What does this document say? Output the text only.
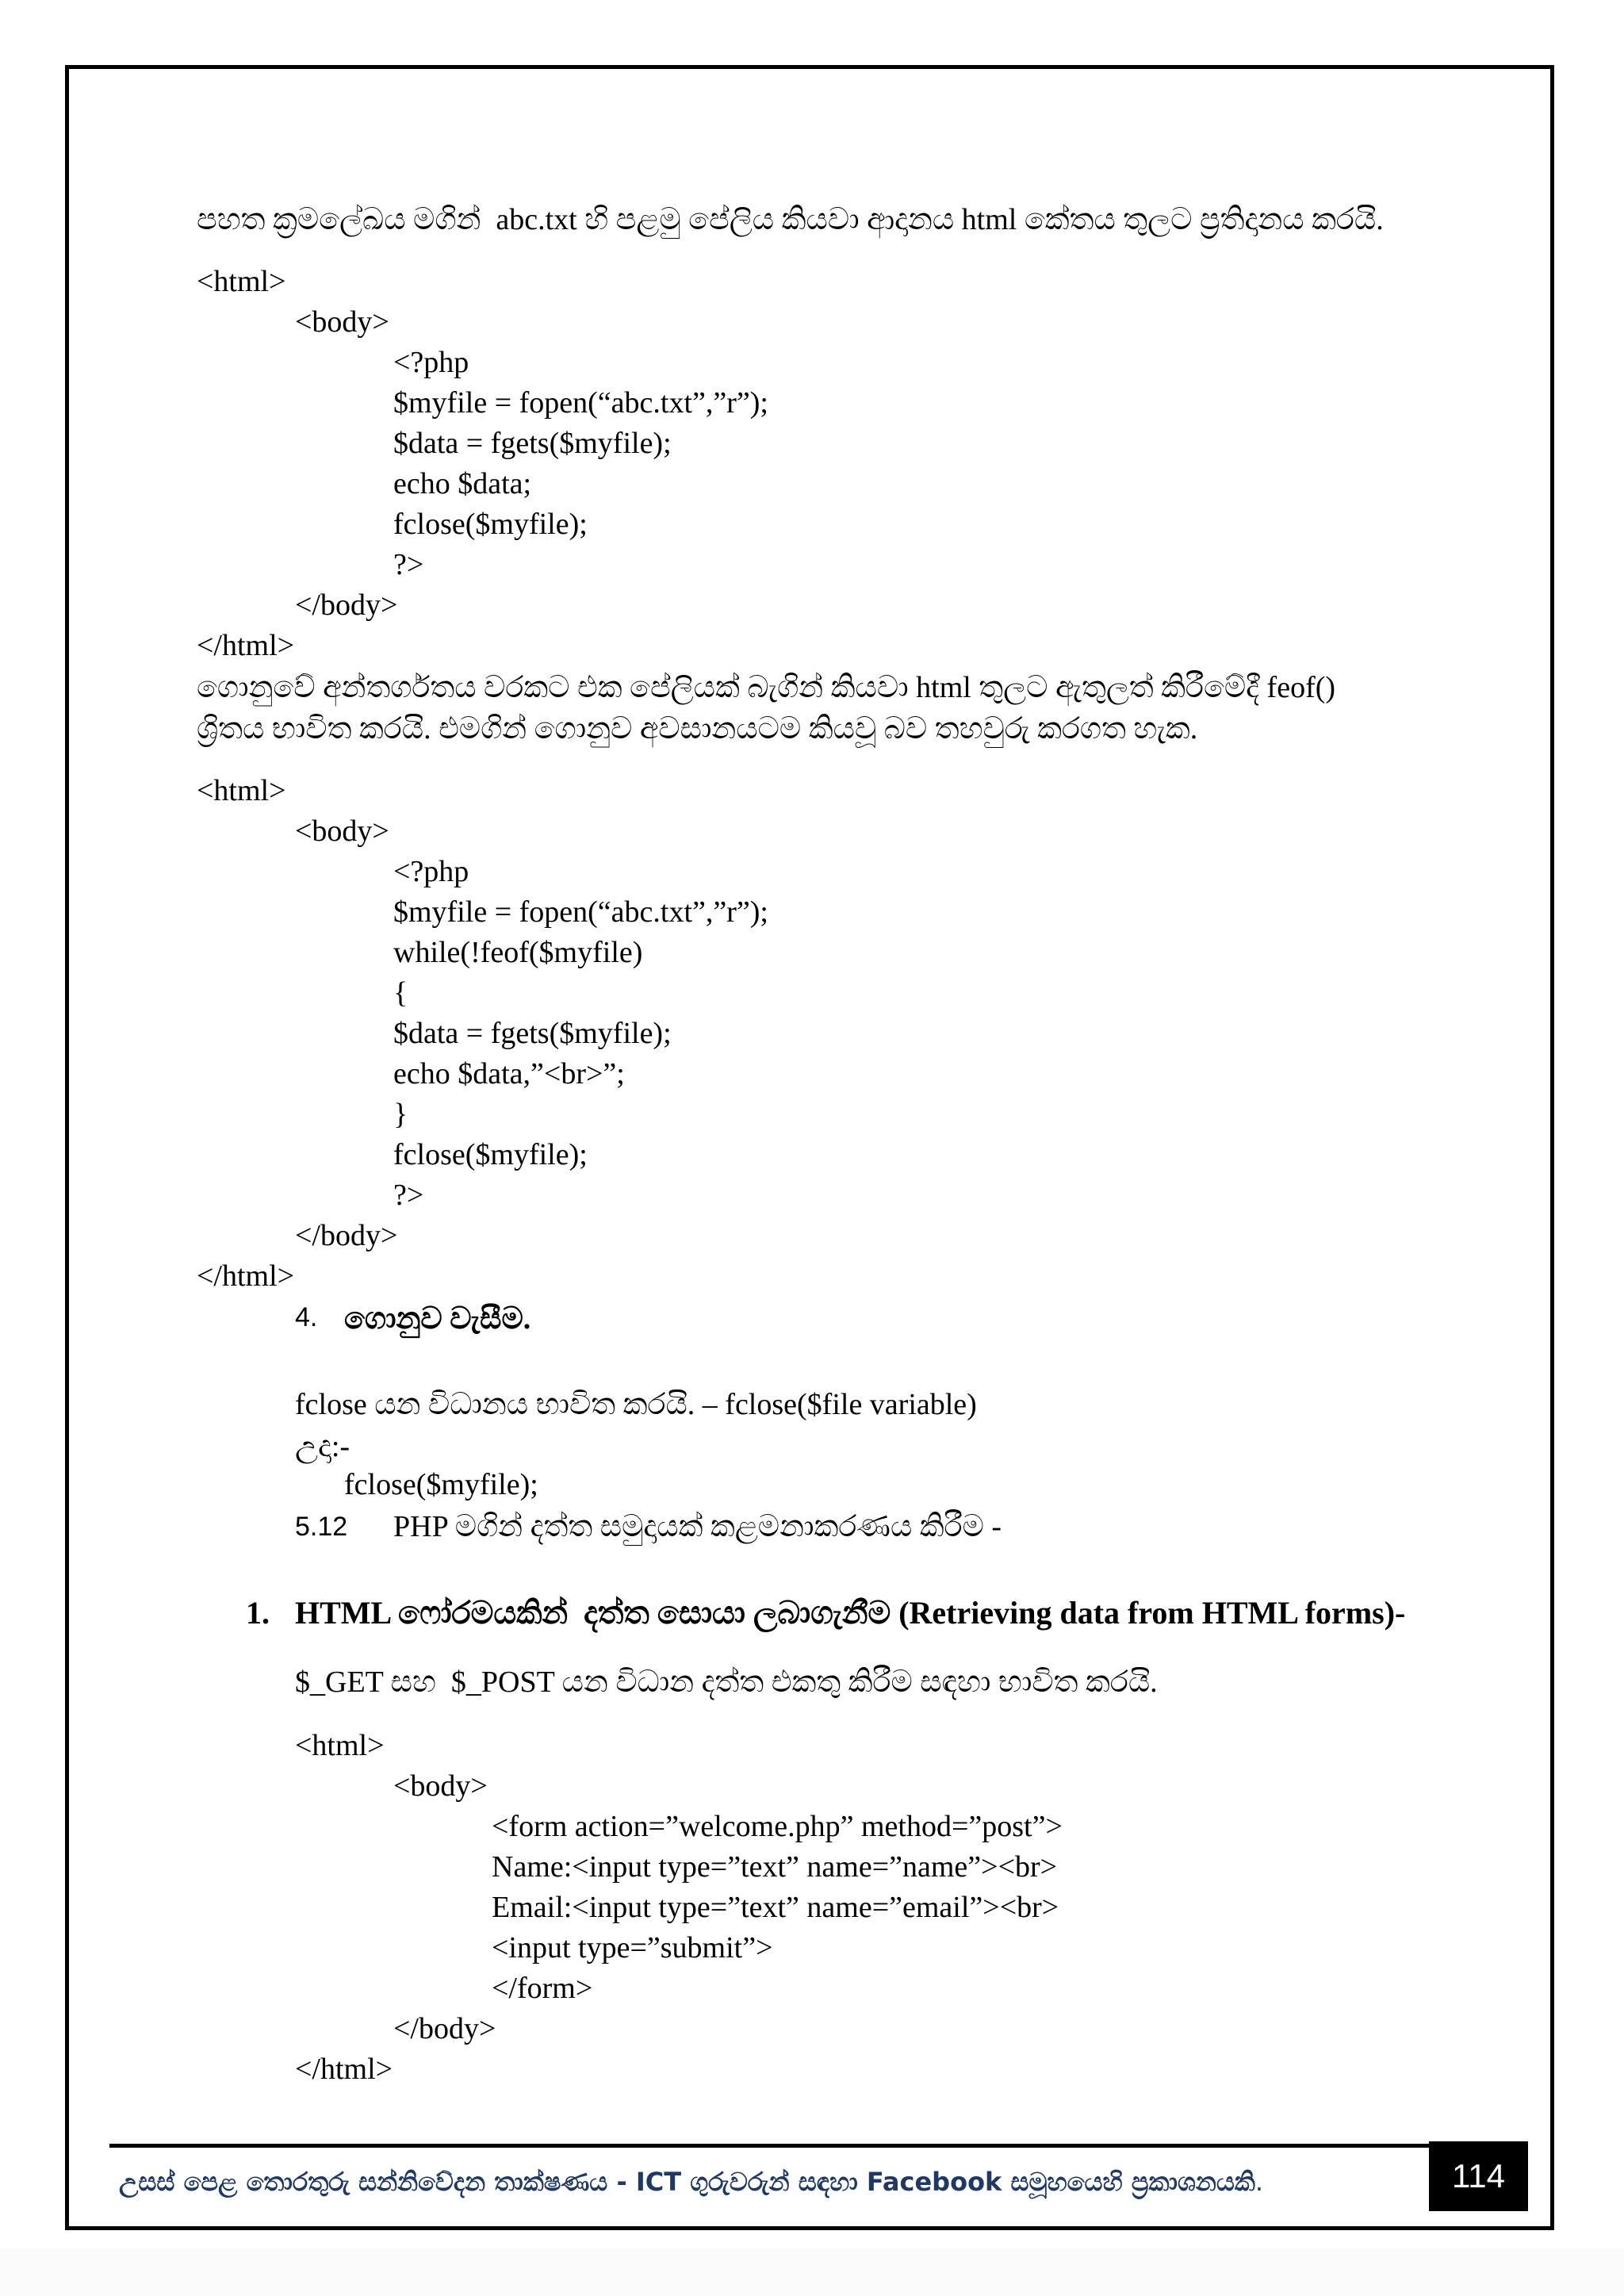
පහත ක්‍රමලේඛය මගින්  abc.txt හි පළමු පේලිය කියවා ආදානය html කේතය තුලට ප්‍රතිදානය කරයි.
<html>
<body>
<?php
$myfile = fopen(“abc.txt”,”r”);
$data = fgets($myfile);
echo $data;
fclose($myfile);
?>
</body>
</html>
ගොනුවේ අන්තර්ගතය වරකට එක පේලියක් බැගින් කියවා html තුලට ඇතුලත් කිරීමේදී feof()
ශ්‍රිතය භාවිත කරයි. එමගින් ගොනුව අවසානයටම කියවූ බව තහවුරු කරගත හැක.
<html>
<body>
<?php
$myfile = fopen(“abc.txt”,”r”);
while(!feof($myfile)
{
$data = fgets($myfile);
echo $data,”<br>”;
}
fclose($myfile);
?>
</body>
</html>
4. ගොනුව වැසීම.
fclose යන විධානය භාවිත කරයි. – fclose($file variable)
උදා:-
fclose($myfile);
5.12 PHP මගින් දත්ත සමුදායක් කළමනාකරණය කිරීම -
1. HTML ෆෝරමයකින්  දත්ත සොයා ලබාගැනීම (Retrieving data from HTML forms)-
$_GET සහ  $_POST යන විධාන දත්ත එකතු කිරීම සඳහා භාවිත කරයි.
<html>
<body>
<form action=”welcome.php” method=”post”>
Name:<input type=”text” name=”name”><br>
Email:<input type=”text” name=”email”><br>
<input type=”submit”>
</form>
</body>
</html>
උසස් පෙළ තොරතුරු සන්නිවේදන තාක්ෂණය - ICT ගුරුවරුන් සඳහා Facebook සමූහයෙහි ප්‍රකාශනයකි.	114
